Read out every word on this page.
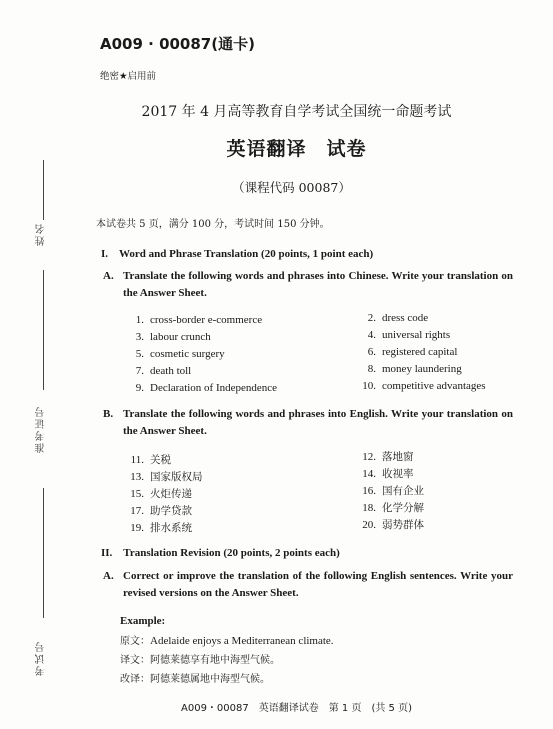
姓名
准考证号
考试号
A009 · 00087(通卡)
绝密★启用前
2017 年 4 月高等教育自学考试全国统一命题考试
英语翻译　试卷
（课程代码 00087）
本试卷共 5 页，满分 100 分，考试时间 150 分钟。
I.　Word and Phrase Translation (20 points, 1 point each)
A. Translate the following words and phrases into Chinese. Write your translation on the Answer Sheet.
1. cross-border e-commerce	2. dress code
3. labour crunch	4. universal rights
5. cosmetic surgery	6. registered capital
7. death toll	8. money laundering
9. Declaration of Independence	10. competitive advantages
B. Translate the following words and phrases into English. Write your translation on the Answer Sheet.
11. 关税	12. 落地窗
13. 国家版权局	14. 收视率
15. 火炬传递	16. 国有企业
17. 助学贷款	18. 化学分解
19. 排水系统	20. 弱势群体
II.　Translation Revision (20 points, 2 points each)
A. Correct or improve the translation of the following English sentences. Write your revised versions on the Answer Sheet.
Example:
原文：Adelaide enjoys a Mediterranean climate.
译文：阿德莱德享有地中海型气候。
改译：阿德莱德属地中海型气候。
A009・00087　英语翻译试卷　第 1 页　(共 5 页)
